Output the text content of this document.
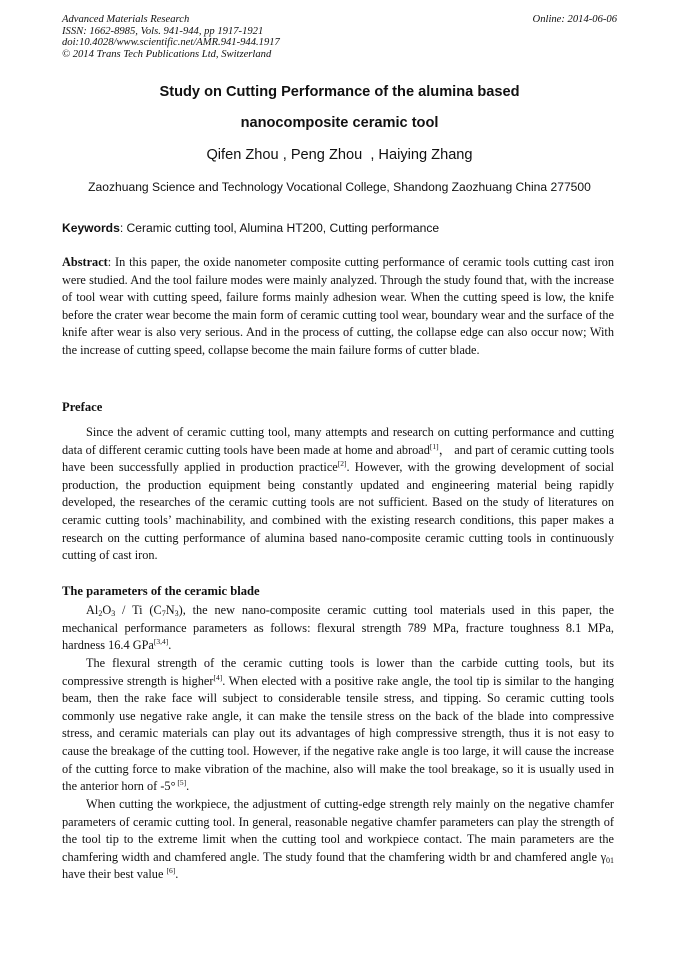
Advanced Materials Research
ISSN: 1662-8985, Vols. 941-944, pp 1917-1921
doi:10.4028/www.scientific.net/AMR.941-944.1917
© 2014 Trans Tech Publications Ltd, Switzerland
Online: 2014-06-06
Study on Cutting Performance of the alumina based
nanocomposite ceramic tool
Qifen Zhou , Peng Zhou  , Haiying Zhang
Zaozhuang Science and Technology Vocational College, Shandong Zaozhuang China 277500
Keywords: Ceramic cutting tool, Alumina HT200, Cutting performance

Abstract: In this paper, the oxide nanometer composite cutting performance of ceramic tools cutting cast iron were studied. And the tool failure modes were mainly analyzed. Through the study found that, with the increase of tool wear with cutting speed, failure forms mainly adhesion wear. When the cutting speed is low, the knife before the crater wear become the main form of ceramic cutting tool wear, boundary wear and the surface of the knife after wear is also very serious. And in the process of cutting, the collapse edge can also occur now; With the increase of cutting speed, collapse become the main failure forms of cutter blade.

Preface

Since the advent of ceramic cutting tool, many attempts and research on cutting performance and cutting data of different ceramic cutting tools have been made at home and abroad[1]， and part of ceramic cutting tools have been successfully applied in production practice[2]. However, with the growing development of social production, the production equipment being constantly updated and engineering material being rapidly developed, the researches of the ceramic cutting tools are not sufficient. Based on the study of literatures on ceramic cutting tools’ machinability, and combined with the existing research conditions, this paper makes a research on the cutting performance of alumina based nano-composite ceramic cutting tools in continuously cutting of cast iron.

The parameters of the ceramic blade

$Al_2O_3$ / Ti $(C_7N_3)$, the new nano-composite ceramic cutting tool materials used in this paper, the mechanical performance parameters as follows: flexural strength 789 MPa, fracture toughness 8.1 MPa, hardness 16.4 GPa[3,4].

The flexural strength of the ceramic cutting tools is lower than the carbide cutting tools, but its compressive strength is higher[4]. When elected with a positive rake angle, the tool tip is similar to the hanging beam, then the rake face will subject to considerable tensile stress, and tipping. So ceramic cutting tools commonly use negative rake angle, it can make the tensile stress on the back of the blade into compressive stress, and ceramic materials can play out its advantages of high compressive strength, thus it is not easy to cause the breakage of the cutting tool. However, if the negative rake angle is too large, it will cause the increase of the cutting force to make vibration of the machine, also will make the tool breakage, so it is usually used in the anterior horn of -5° [5].

When cutting the workpiece, the adjustment of cutting-edge strength rely mainly on the negative chamfer parameters of ceramic cutting tool. In general, reasonable negative chamfer parameters can play the strength of the tool tip to the extreme limit when the cutting tool and workpiece contact. The main parameters are the chamfering width and chamfered angle. The study found that the chamfering width br and chamfered angle $\gamma_{01}$ have their best value [6].
